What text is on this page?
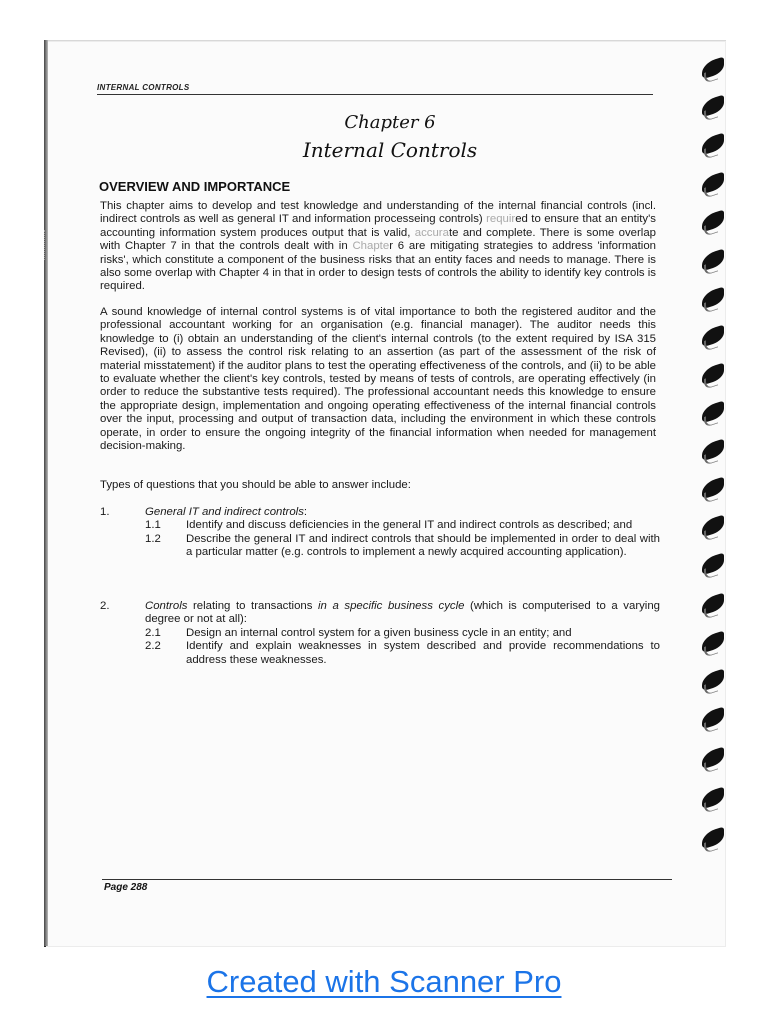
INTERNAL CONTROLS
Chapter 6
Internal Controls
OVERVIEW AND IMPORTANCE

This chapter aims to develop and test knowledge and understanding of the internal financial controls (incl. indirect controls as well as general IT and information processeing controls) required to ensure that an entity's accounting information system produces output that is valid, accurate and complete. There is some overlap with Chapter 7 in that the controls dealt with in Chapter 6 are mitigating strategies to address 'information risks', which constitute a component of the business risks that an entity faces and needs to manage. There is also some overlap with Chapter 4 in that in order to design tests of controls the ability to identify key controls is required.

A sound knowledge of internal control systems is of vital importance to both the registered auditor and the professional accountant working for an organisation (e.g. financial manager). The auditor needs this knowledge to (i) obtain an understanding of the client's internal controls (to the extent required by ISA 315 Revised), (ii) to assess the control risk relating to an assertion (as part of the assessment of the risk of material misstatement) if the auditor plans to test the operating effectiveness of the controls, and (ii) to be able to evaluate whether the client's key controls, tested by means of tests of controls, are operating effectively (in order to reduce the substantive tests required). The professional accountant needs this knowledge to ensure the appropriate design, implementation and ongoing operating effectiveness of the internal financial controls over the input, processing and output of transaction data, including the environment in which these controls operate, in order to ensure the ongoing integrity of the financial information when needed for management decision-making.

Types of questions that you should be able to answer include:

1.	General IT and indirect controls:
1.1	Identify and discuss deficiencies in the general IT and indirect controls as described; and
1.2	Describe the general IT and indirect controls that should be implemented in order to deal with a particular matter (e.g. controls to implement a newly acquired accounting application).
2.	Controls relating to transactions in a specific business cycle (which is computerised to a varying degree or not at all):
2.1	Design an internal control system for a given business cycle in an entity; and
2.2	Identify and explain weaknesses in system described and provide recommendations to address these weaknesses.
Page 288
Created with Scanner Pro
